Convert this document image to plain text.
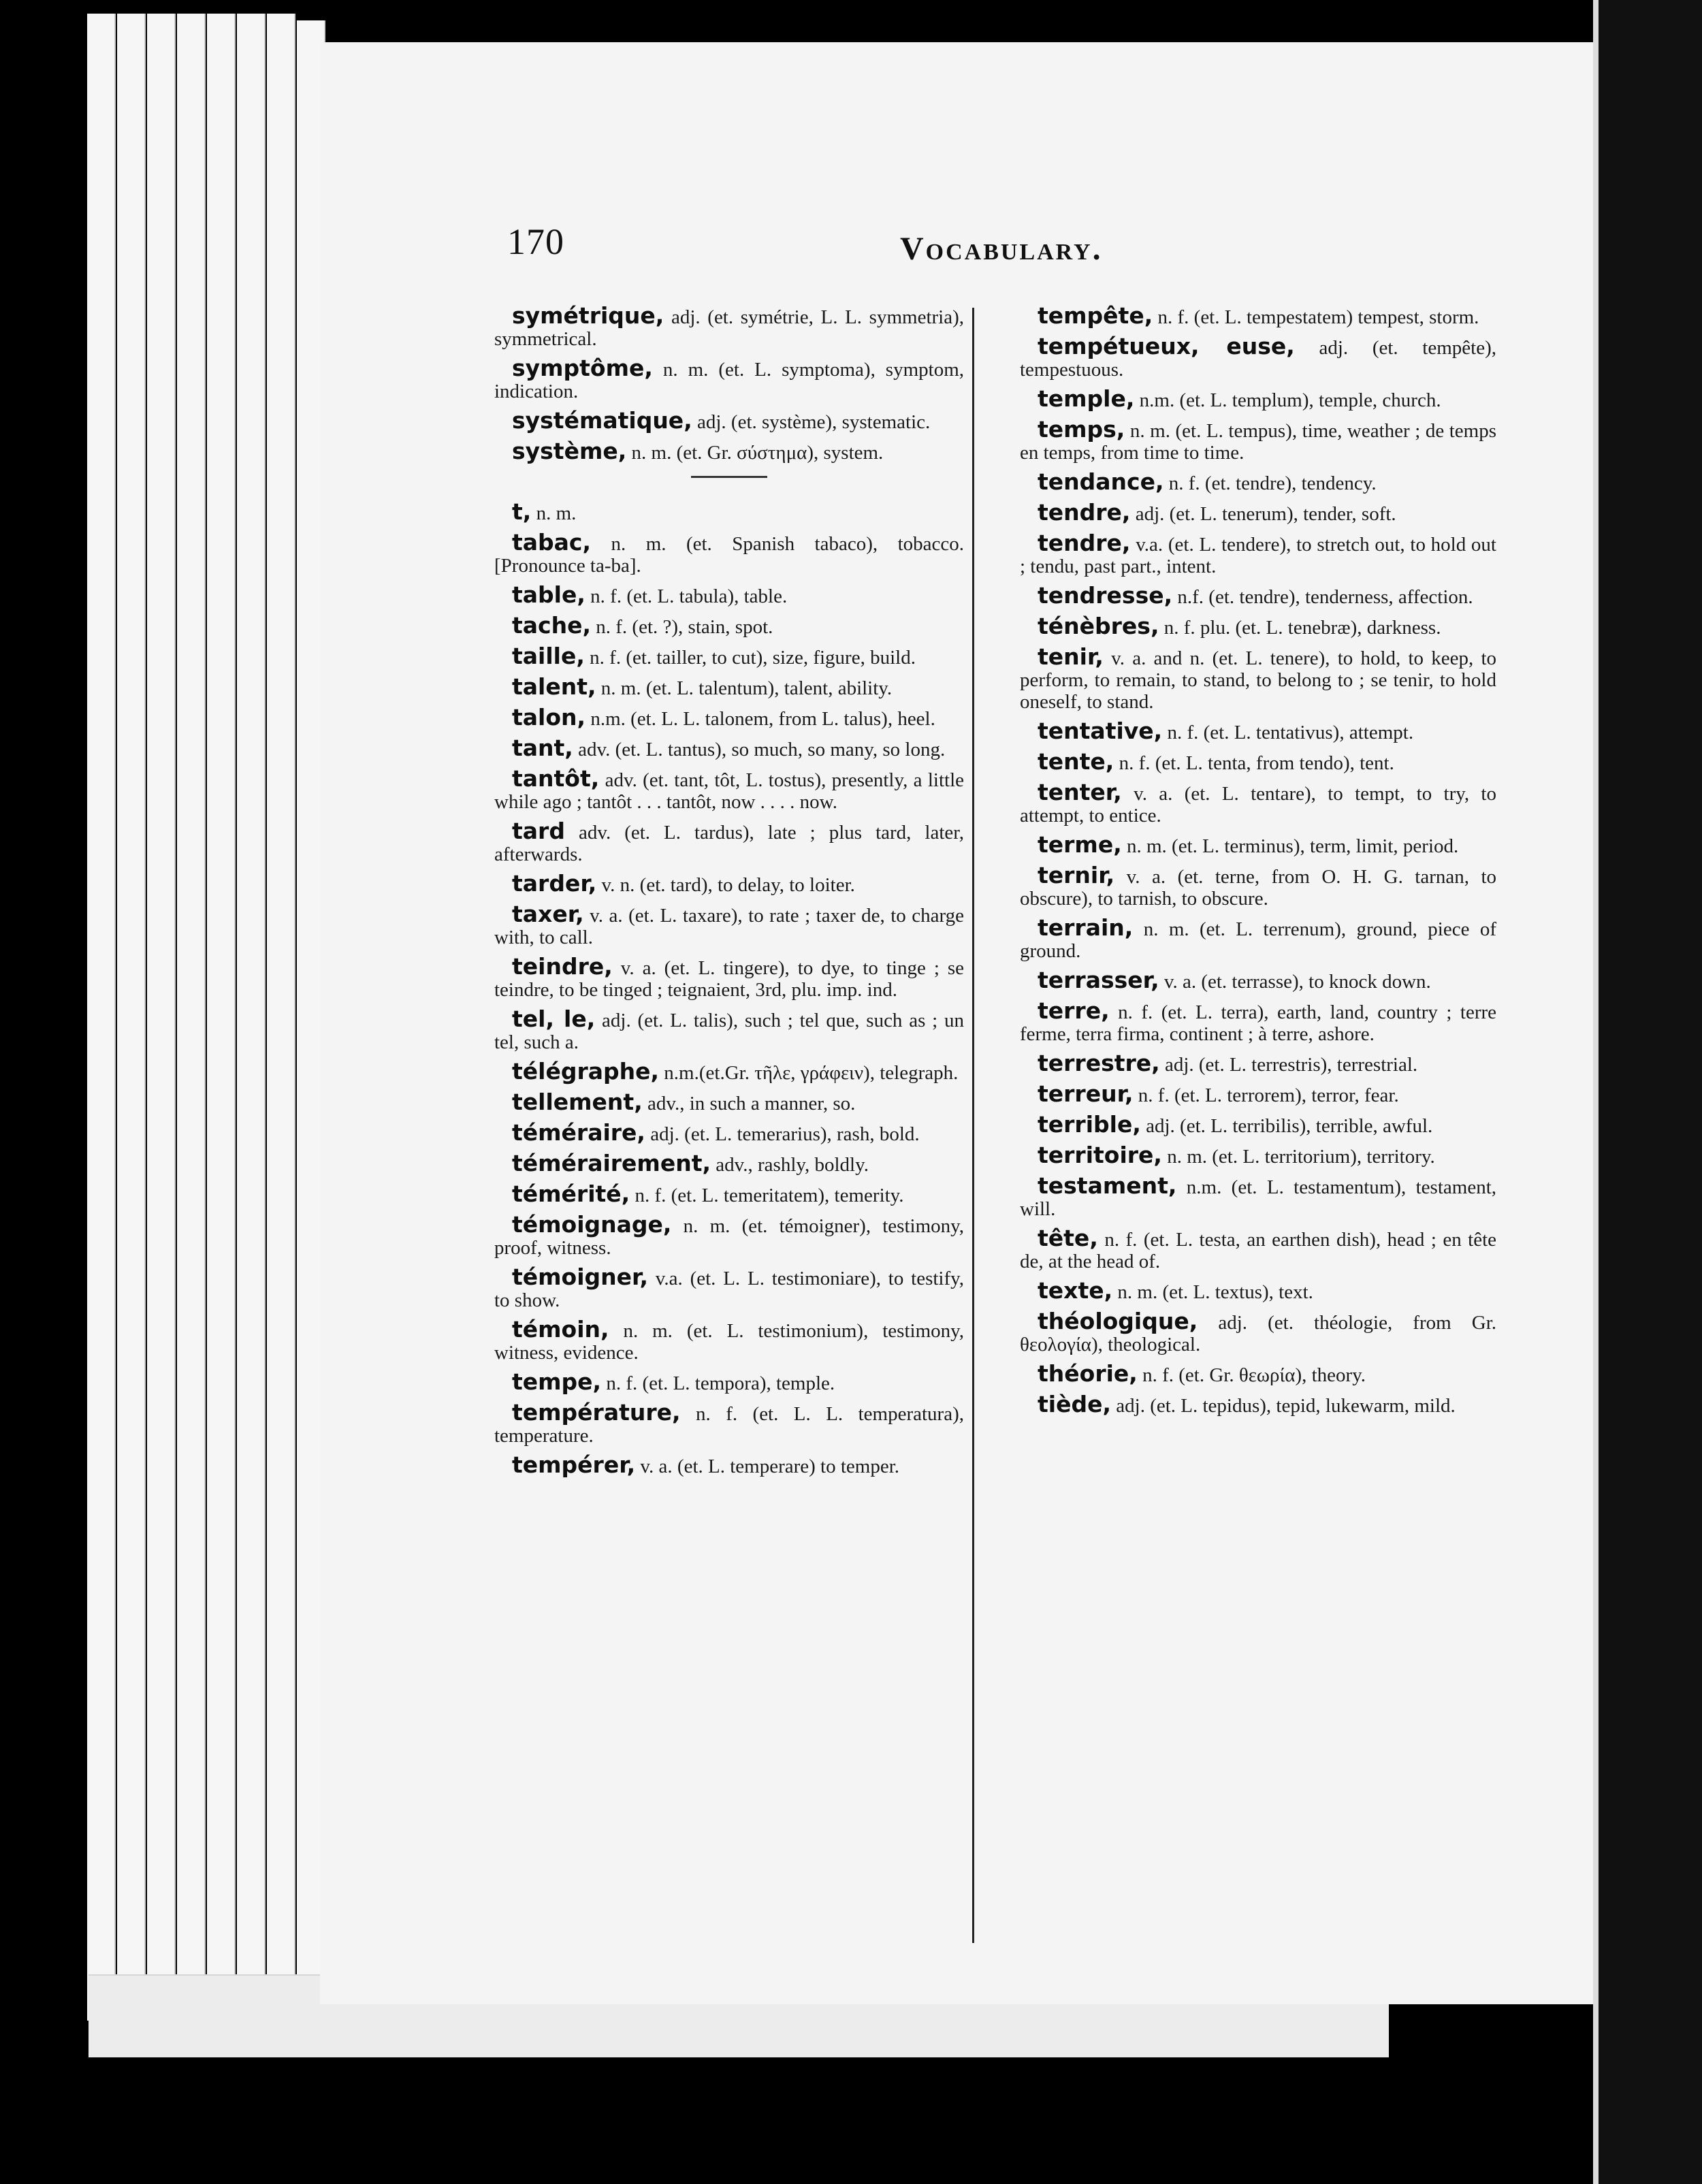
170	Vocabulary.

symétrique, adj. (et. symétrie, L. L. symmetria), symmetrical.

symptôme, n. m. (et. L. symptoma), symptom, indication.

systématique, adj. (et. système), systematic.

système, n. m. (et. Gr. σύστημα), system.

t, n. m.

tabac, n. m. (et. Spanish tabaco), tobacco. [Pronounce ta-ba].

table, n. f. (et. L. tabula), table.

tache, n. f. (et. ?), stain, spot.

taille, n. f. (et. tailler, to cut), size, figure, build.

talent, n. m. (et. L. talentum), talent, ability.

talon, n.m. (et. L. L. talonem, from L. talus), heel.

tant, adv. (et. L. tantus), so much, so many, so long.

tantôt, adv. (et. tant, tôt, L. tostus), presently, a little while ago ; tantôt . . . tantôt, now . . . . now.

tard adv. (et. L. tardus), late ; plus tard, later, afterwards.

tarder, v. n. (et. tard), to delay, to loiter.

taxer, v. a. (et. L. taxare), to rate ; taxer de, to charge with, to call.

teindre, v. a. (et. L. tingere), to dye, to tinge ; se teindre, to be tinged ; teignaient, 3rd, plu. imp. ind.

tel, le, adj. (et. L. talis), such ; tel que, such as ; un tel, such a.

télégraphe, n.m.(et.Gr. τῆλε, γράφειν), telegraph.

tellement, adv., in such a manner, so.

téméraire, adj. (et. L. temerarius), rash, bold.

témérairement, adv., rashly, boldly.

témérité, n. f. (et. L. temeritatem), temerity.

témoignage, n. m. (et. témoigner), testimony, proof, witness.

témoigner, v.a. (et. L. L. testimoniare), to testify, to show.

témoin, n. m. (et. L. testimonium), testimony, witness, evidence.

tempe, n. f. (et. L. tempora), temple.

température, n. f. (et. L. L. temperatura), temperature.

tempérer, v. a. (et. L. temperare) to temper.

tempête, n. f. (et. L. tempestatem) tempest, storm.

tempétueux, euse, adj. (et. tempête), tempestuous.

temple, n.m. (et. L. templum), temple, church.

temps, n. m. (et. L. tempus), time, weather ; de temps en temps, from time to time.

tendance, n. f. (et. tendre), tendency.

tendre, adj. (et. L. tenerum), tender, soft.

tendre, v.a. (et. L. tendere), to stretch out, to hold out ; tendu, past part., intent.

tendresse, n.f. (et. tendre), tenderness, affection.

ténèbres, n. f. plu. (et. L. tenebræ), darkness.

tenir, v. a. and n. (et. L. tenere), to hold, to keep, to perform, to remain, to stand, to belong to ; se tenir, to hold oneself, to stand.

tentative, n. f. (et. L. tentativus), attempt.

tente, n. f. (et. L. tenta, from tendo), tent.

tenter, v. a. (et. L. tentare), to tempt, to try, to attempt, to entice.

terme, n. m. (et. L. terminus), term, limit, period.

ternir, v. a. (et. terne, from O. H. G. tarnan, to obscure), to tarnish, to obscure.

terrain, n. m. (et. L. terrenum), ground, piece of ground.

terrasser, v. a. (et. terrasse), to knock down.

terre, n. f. (et. L. terra), earth, land, country ; terre ferme, terra firma, continent ; à terre, ashore.

terrestre, adj. (et. L. terrestris), terrestrial.

terreur, n. f. (et. L. terrorem), terror, fear.

terrible, adj. (et. L. terribilis), terrible, awful.

territoire, n. m. (et. L. territorium), territory.

testament, n.m. (et. L. testamentum), testament, will.

tête, n. f. (et. L. testa, an earthen dish), head ; en tête de, at the head of.

texte, n. m. (et. L. textus), text.

théologique, adj. (et. théologie, from Gr. θεολογία), theological.

théorie, n. f. (et. Gr. θεωρία), theory.

tiède, adj. (et. L. tepidus), tepid, lukewarm, mild.
